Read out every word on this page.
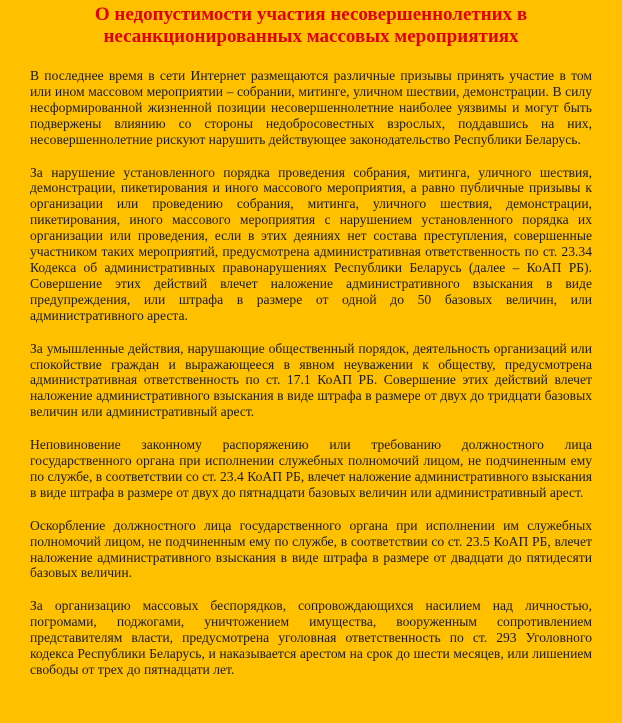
О недопустимости участия несовершеннолетних в
несанкционированных массовых мероприятиях

В последнее время в сети Интернет размещаются различные призывы принять участие в том или ином массовом мероприятии – собрании, митинге, уличном шествии, демонстрации. В силу несформированной жизненной позиции несовершеннолетние наиболее уязвимы и могут быть подвержены влиянию со стороны недобросовестных взрослых, поддавшись на них, несовершеннолетние рискуют нарушить действующее законодательство Республики Беларусь.

За нарушение установленного порядка проведения собрания, митинга, уличного шествия, демонстрации, пикетирования и иного массового мероприятия, а равно публичные призывы к организации или проведению собрания, митинга, уличного шествия, демонстрации, пикетирования, иного массового мероприятия с нарушением установленного порядка их организации или проведения, если в этих деяниях нет состава преступления, совершенные участником таких мероприятий, предусмотрена административная ответственность по ст. 23.34 Кодекса об административных правонарушениях Республики Беларусь (далее – КоАП РБ). Совершение этих действий влечет наложение административного взыскания в виде предупреждения, или штрафа в размере от одной до 50 базовых величин, или административного ареста.

За умышленные действия, нарушающие общественный порядок, деятельность организаций или спокойствие граждан и выражающееся в явном неуважении к обществу, предусмотрена административная ответственность по ст. 17.1 КоАП РБ. Совершение этих действий влечет наложение административного взыскания в виде штрафа в размере от двух до тридцати базовых величин или административный арест.

Неповиновение законному распоряжению или требованию должностного лица государственного органа при исполнении служебных полномочий лицом, не подчиненным ему по службе, в соответствии со ст. 23.4 КоАП РБ, влечет наложение административного взыскания в виде штрафа в размере от двух до пятнадцати базовых величин или административный арест.

Оскорбление должностного лица государственного органа при исполнении им служебных полномочий лицом, не подчиненным ему по службе, в соответствии со ст. 23.5 КоАП РБ, влечет наложение административного взыскания в виде штрафа в размере от двадцати до пятидесяти базовых величин.

За организацию массовых беспорядков, сопровождающихся насилием над личностью, погромами, поджогами, уничтожением имущества, вооруженным сопротивлением представителям власти, предусмотрена уголовная ответственность по ст. 293 Уголовного кодекса Республики Беларусь, и наказывается арестом на срок до шести месяцев, или лишением свободы от трех до пятнадцати лет.
